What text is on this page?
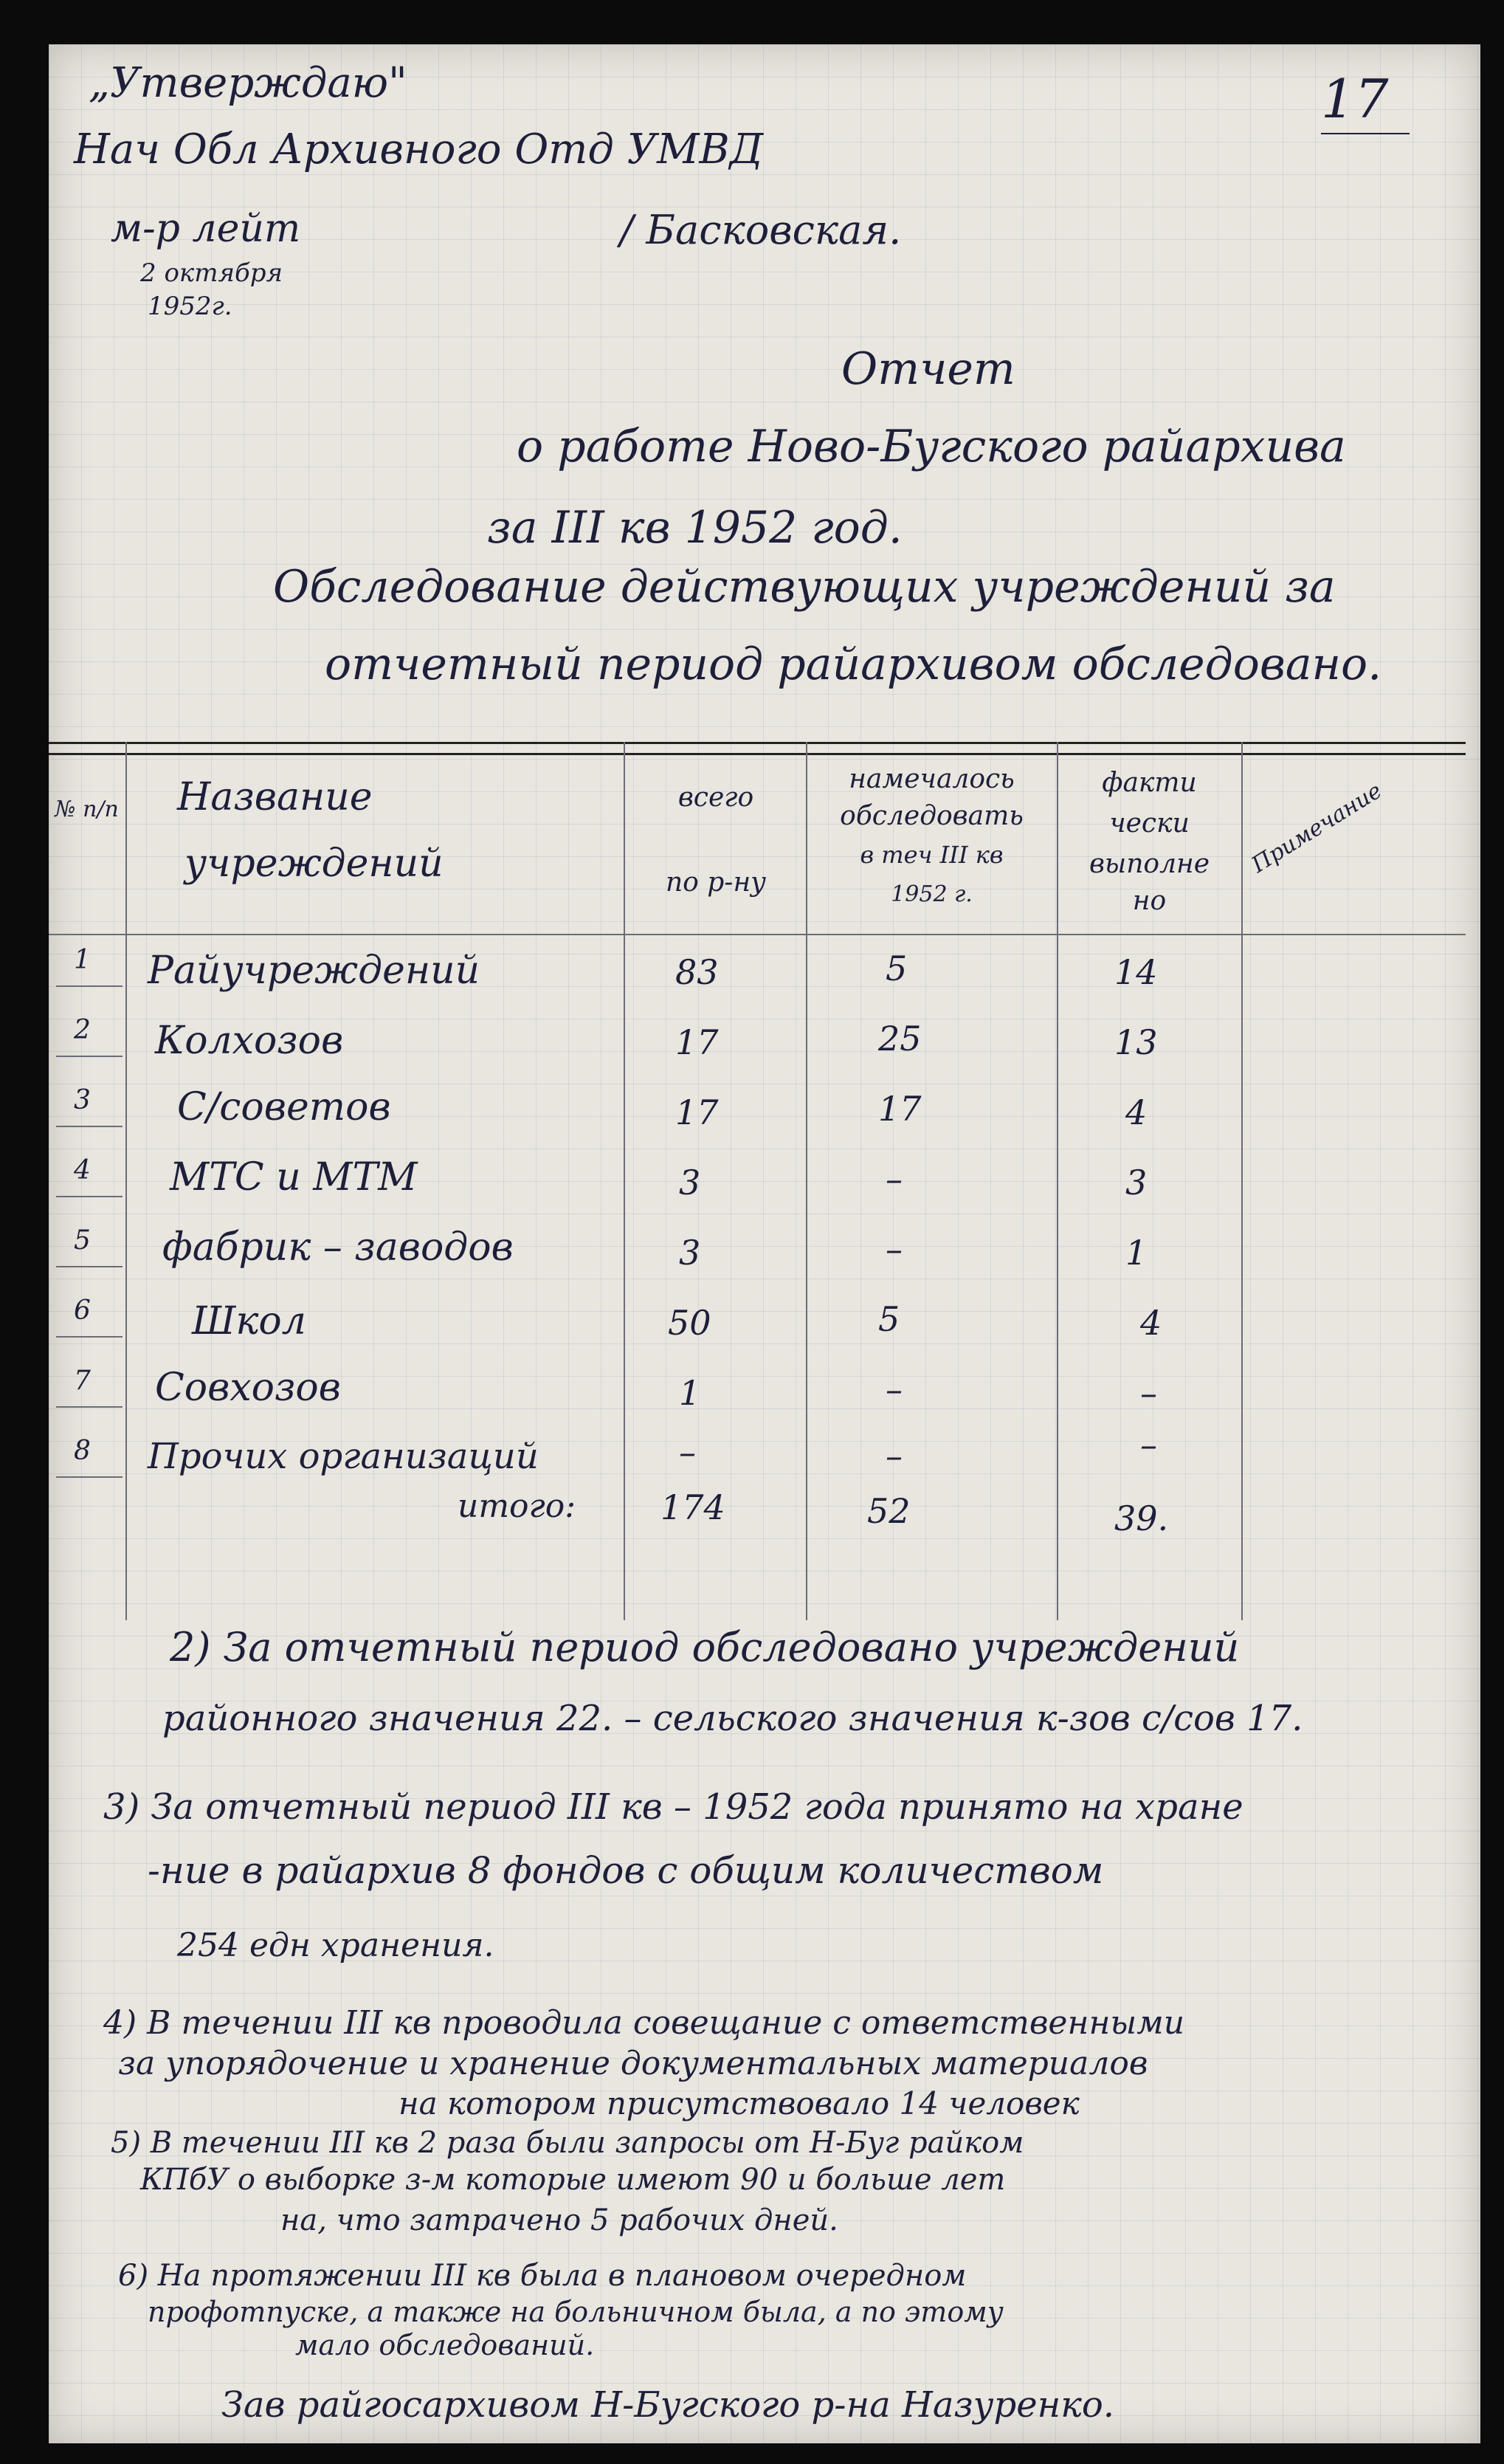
17
„Утверждаю"
Нач Обл Архивного Отд УМВД
м-р лейт	/ Басковская.
2 октября
1952г.
Отчет
о работе Ново-Бугского райархива
за III кв 1952 год.
Обследование действующих учреждений за
отчетный период райархивом обследовано.
№ п/п Название
учреждений
всего
по р-ну
намечалось
обследовать
в теч III кв
1952 г.
факти
чески
выполне
но
Примечание
1 Райучреждений	83	5	14
2 Колхозов	17	25	13
3 С/советов	17	17	4
4 МТС и МТМ	3	–	3
5 фабрик – заводов	3	–	1
6	Школ	50	5	4
7 Совхозов	1	–	–
8 Прочих организаций	–	–	–
итого: 174	52	39.
2) За отчетный период обследовано учреждений
районного значения 22. – сельского значения к-зов с/сов 17.
3) За отчетный период III кв – 1952 года принято на хране
-ние в райархив 8 фондов с общим количеством
254 едн хранения.
4) В течении III кв проводила совещание с ответственными
за упорядочение и хранение документальных материалов
на котором присутствовало 14 человек
5) В течении III кв 2 раза были запросы от Н-Буг райком
КПбУ о выборке з-м которые имеют 90 и больше лет
на, что затрачено 5 рабочих дней.
6) На протяжении III кв была в плановом очередном
профотпуске, а также на больничном была, а по этому
мало обследований.
Зав райгосархивом Н-Бугского р-на Назуренко.
